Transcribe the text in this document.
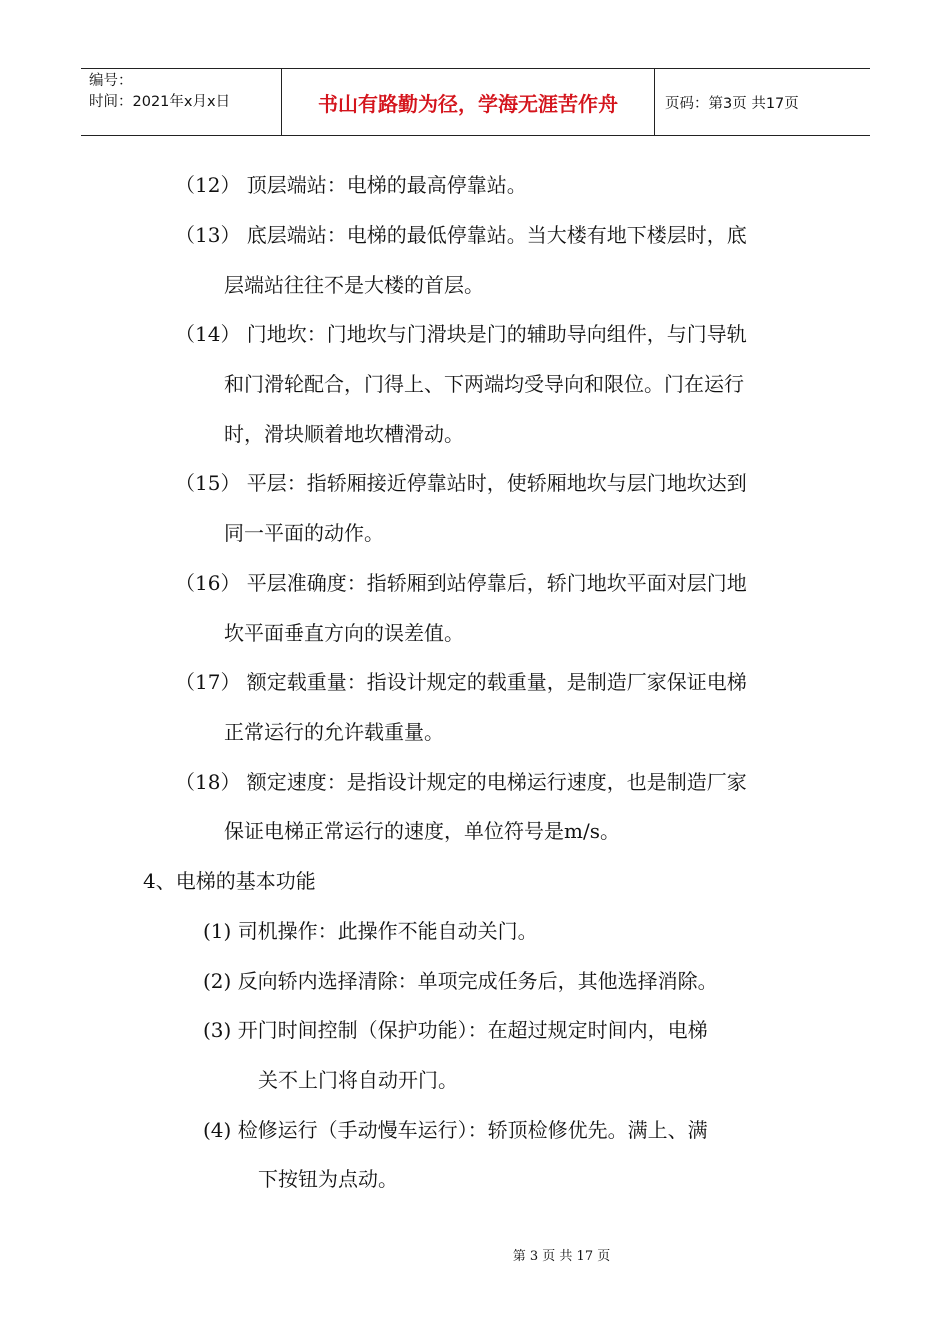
编号：
时间：2021年x月x日	书山有路勤为径，学海无涯苦作舟	页码：第3页 共17页
（12） 顶层端站：电梯的最高停靠站。
（13） 底层端站：电梯的最低停靠站。当大楼有地下楼层时，底
层端站往往不是大楼的首层。
（14） 门地坎：门地坎与门滑块是门的辅助导向组件，与门导轨
和门滑轮配合，门得上、下两端均受导向和限位。门在运行
时，滑块顺着地坎槽滑动。
（15） 平层：指轿厢接近停靠站时，使轿厢地坎与层门地坎达到
同一平面的动作。
（16） 平层准确度：指轿厢到站停靠后，轿门地坎平面对层门地
坎平面垂直方向的误差值。
（17） 额定载重量：指设计规定的载重量，是制造厂家保证电梯
正常运行的允许载重量。
（18） 额定速度：是指设计规定的电梯运行速度，也是制造厂家
保证电梯正常运行的速度，单位符号是m/s。
4、电梯的基本功能
(1) 司机操作：此操作不能自动关门。
(2) 反向轿内选择清除：单项完成任务后，其他选择消除。
(3) 开门时间控制（保护功能）：在超过规定时间内，电梯
关不上门将自动开门。
(4) 检修运行（手动慢车运行）：轿顶检修优先。满上、满
下按钮为点动。
第 3 页 共 17 页
